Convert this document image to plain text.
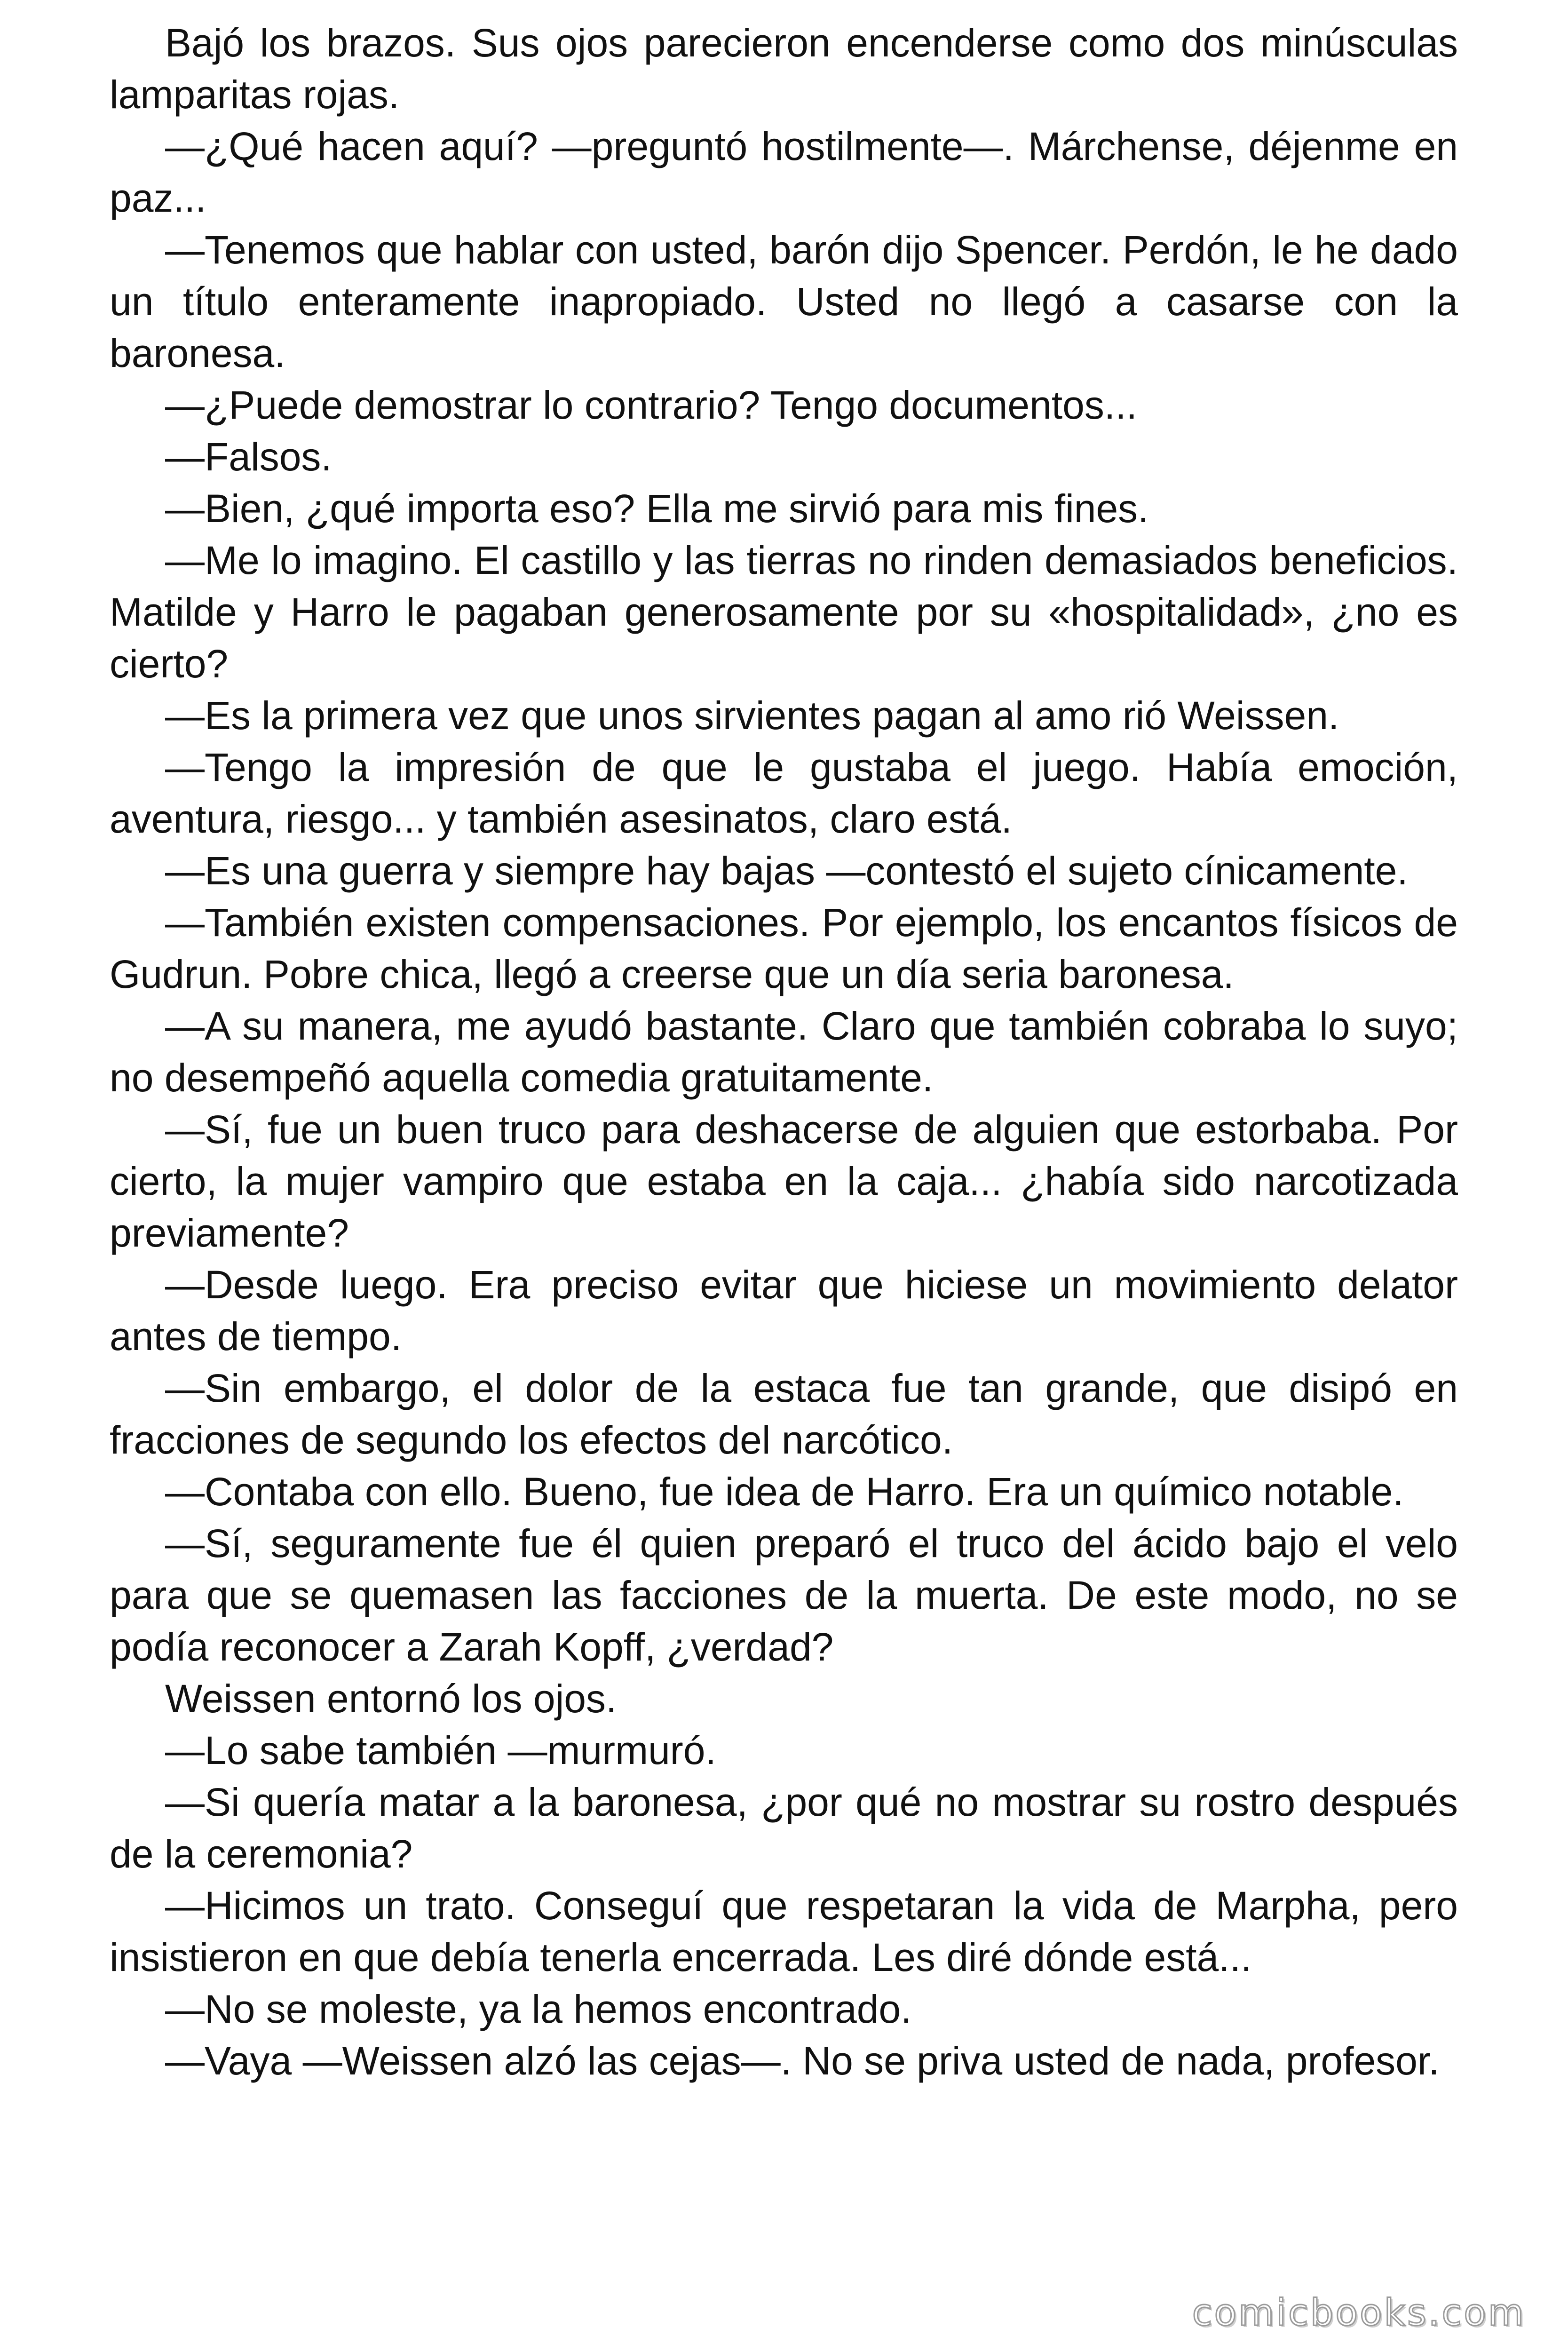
Bajó los brazos. Sus ojos parecieron encenderse como dos minúsculas lamparitas rojas.

—¿Qué hacen aquí? —preguntó hostilmente—. Márchense, déjenme en paz...

—Tenemos que hablar con usted, barón dijo Spencer. Perdón, le he dado un título enteramente inapropiado. Usted no llegó a casarse con la baronesa.

—¿Puede demostrar lo contrario? Tengo documentos...

—Falsos.

—Bien, ¿qué importa eso? Ella me sirvió para mis fines.

—Me lo imagino. El castillo y las tierras no rinden demasiados beneficios. Matilde y Harro le pagaban generosamente por su «hospitalidad», ¿no es cierto?

—Es la primera vez que unos sirvientes pagan al amo rió Weissen.

—Tengo la impresión de que le gustaba el juego. Había emoción, aventura, riesgo... y también asesinatos, claro está.

—Es una guerra y siempre hay bajas —contestó el sujeto cínicamente.

—También existen compensaciones. Por ejemplo, los encantos físicos de Gudrun. Pobre chica, llegó a creerse que un día seria baronesa.

—A su manera, me ayudó bastante. Claro que también cobraba lo suyo; no desempeñó aquella comedia gratuitamente.

—Sí, fue un buen truco para deshacerse de alguien que estorbaba. Por cierto, la mujer vampiro que estaba en la caja... ¿había sido narcotizada previamente?

—Desde luego. Era preciso evitar que hiciese un movimiento delator antes de tiempo.

—Sin embargo, el dolor de la estaca fue tan grande, que disipó en fracciones de segundo los efectos del narcótico.

—Contaba con ello. Bueno, fue idea de Harro. Era un químico notable.

—Sí, seguramente fue él quien preparó el truco del ácido bajo el velo para que se quemasen las facciones de la muerta. De este modo, no se podía reconocer a Zarah Kopff, ¿verdad?

Weissen entornó los ojos.

—Lo sabe también —murmuró.

—Si quería matar a la baronesa, ¿por qué no mostrar su rostro después de la ceremonia?

—Hicimos un trato. Conseguí que respetaran la vida de Marpha, pero insistieron en que debía tenerla encerrada. Les diré dónde está...

—No se moleste, ya la hemos encontrado.

—Vaya —Weissen alzó las cejas—. No se priva usted de nada, profesor.

comicbooks.com
